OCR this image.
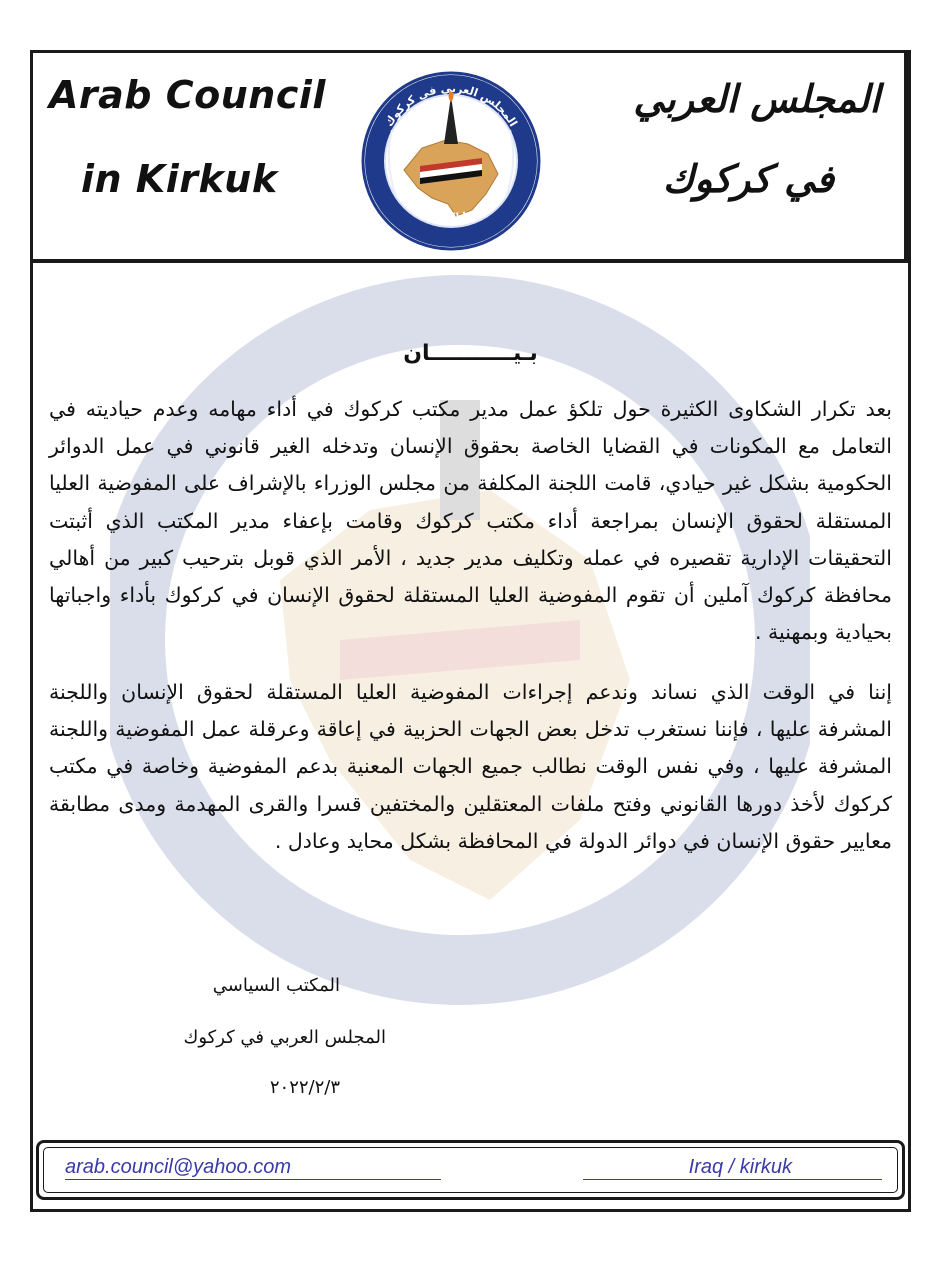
Arab Council
in Kirkuk
المجلس العربي في كركوك
Arab Council In Kirkuk
المجلس العربي
في كركوك
بـيـــــــــــان
بعد تكرار الشكاوى الكثيرة حول تلكؤ عمل مدير مكتب كركوك في أداء مهامه وعدم حياديته في التعامل مع المكونات في القضايا الخاصة بحقوق الإنسان وتدخله الغير قانوني في عمل الدوائر الحكومية بشكل غير حيادي، قامت اللجنة المكلفة من مجلس الوزراء بالإشراف على المفوضية العليا المستقلة لحقوق الإنسان بمراجعة أداء مكتب كركوك وقامت بإعفاء مدير المكتب الذي أثبتت التحقيقات الإدارية تقصيره في عمله وتكليف مدير جديد ، الأمر الذي قوبل بترحيب كبير من أهالي محافظة كركوك آملين أن تقوم المفوضية العليا المستقلة لحقوق الإنسان في كركوك بأداء واجباتها بحيادية وبمهنية .
إننا في الوقت الذي نساند وندعم إجراءات المفوضية العليا المستقلة لحقوق الإنسان واللجنة المشرفة عليها ، فإننا نستغرب تدخل بعض الجهات الحزبية في إعاقة وعرقلة عمل المفوضية واللجنة المشرفة عليها ، وفي نفس الوقت نطالب جميع الجهات المعنية بدعم المفوضية وخاصة في مكتب كركوك لأخذ دورها القانوني وفتح ملفات المعتقلين والمختفين قسرا والقرى المهدمة ومدى مطابقة معايير حقوق الإنسان في دوائر الدولة في المحافظة بشكل محايد وعادل .
المكتب السياسي
المجلس العربي في كركوك
٢٠٢٢/٢/٣
arab.council@yahoo.com	Iraq / kirkuk
